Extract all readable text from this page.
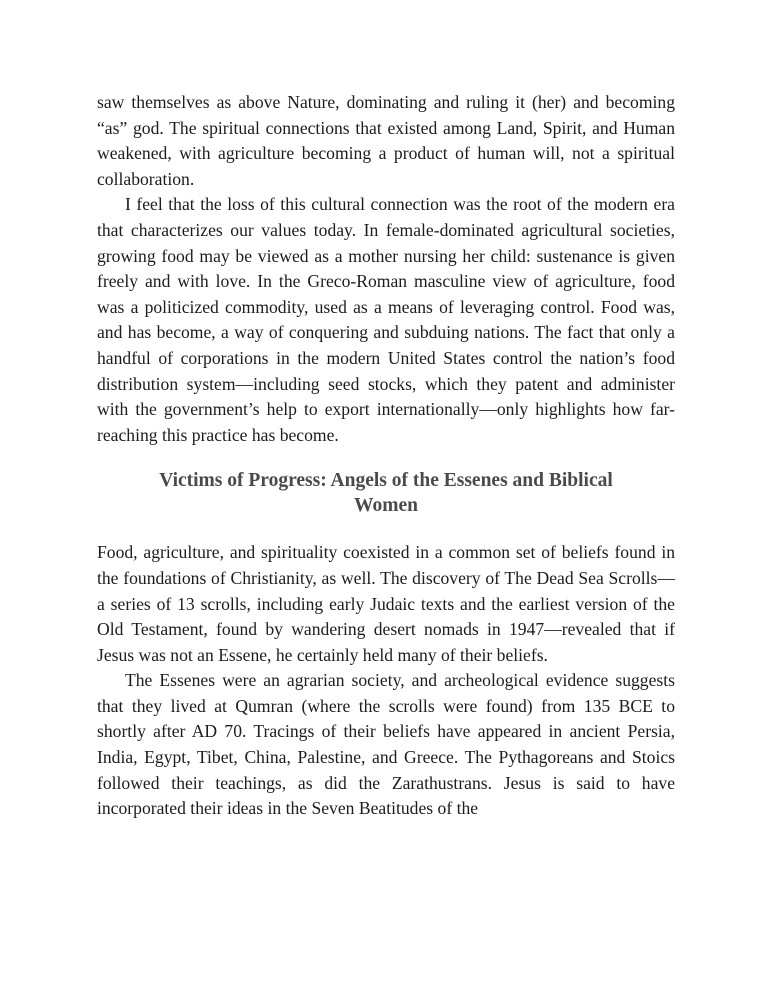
saw themselves as above Nature, dominating and ruling it (her) and becoming “as” god. The spiritual connections that existed among Land, Spirit, and Human weakened, with agriculture becoming a product of human will, not a spiritual collaboration.

I feel that the loss of this cultural connection was the root of the modern era that characterizes our values today. In female-dominated agricultural societies, growing food may be viewed as a mother nursing her child: sustenance is given freely and with love. In the Greco-Roman masculine view of agriculture, food was a politicized commodity, used as a means of leveraging control. Food was, and has become, a way of conquering and subduing nations. The fact that only a handful of corporations in the modern United States control the nation’s food distribution system—including seed stocks, which they patent and administer with the government’s help to export internationally—only highlights how far-reaching this practice has become.

Victims of Progress: Angels of the Essenes and Biblical Women

Food, agriculture, and spirituality coexisted in a common set of beliefs found in the foundations of Christianity, as well. The discovery of The Dead Sea Scrolls—a series of 13 scrolls, including early Judaic texts and the earliest version of the Old Testament, found by wandering desert nomads in 1947—revealed that if Jesus was not an Essene, he certainly held many of their beliefs.

The Essenes were an agrarian society, and archeological evidence suggests that they lived at Qumran (where the scrolls were found) from 135 BCE to shortly after AD 70. Tracings of their beliefs have appeared in ancient Persia, India, Egypt, Tibet, China, Palestine, and Greece. The Pythagoreans and Stoics followed their teachings, as did the Zarathustrans. Jesus is said to have incorporated their ideas in the Seven Beatitudes of the
